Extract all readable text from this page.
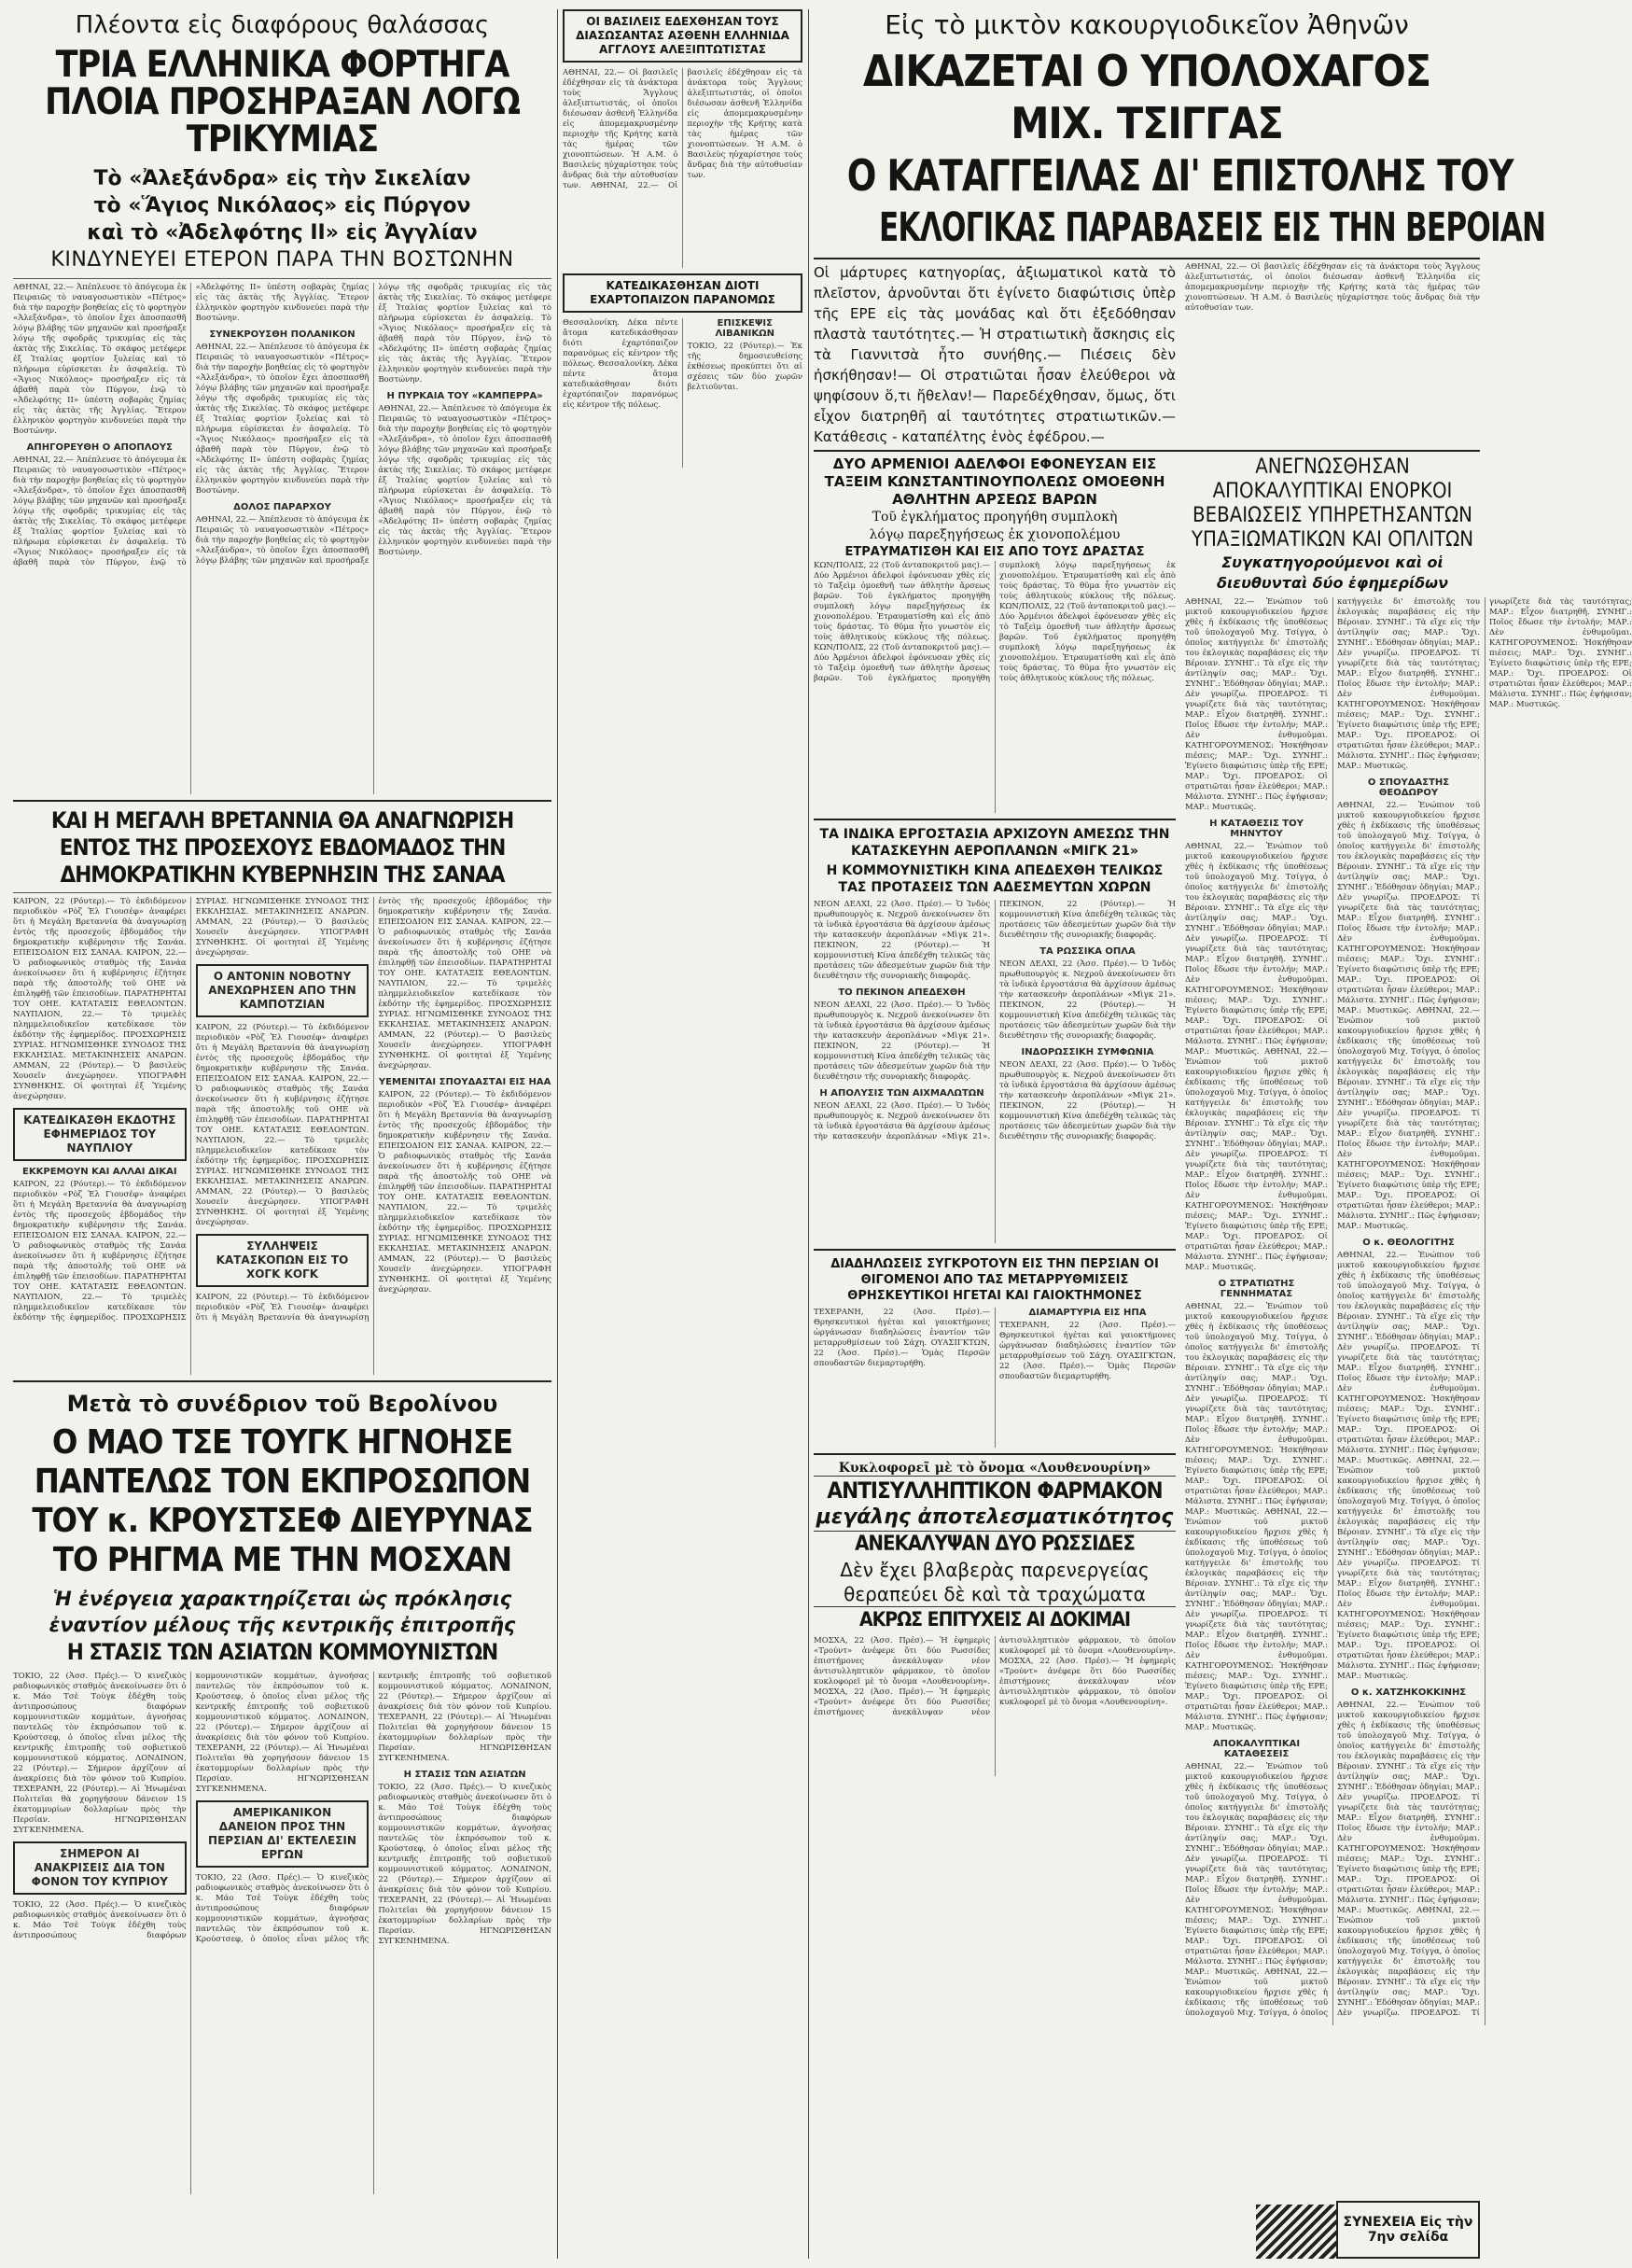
Πλέοντα εἰς διαφόρους θαλάσσας
ΤΡΙΑ ΕΛΛΗΝΙΚΑ ΦΟΡΤΗΓΑ ΠΛΟΙΑ ΠΡΟΣΗΡΑΞΑΝ ΛΟΓΩ ΤΡΙΚΥΜΙΑΣ
Τὸ «Ἀλεξάνδρα» εἰς τὴν Σικελίαν
τὸ «Ἅγιος Νικόλαος» εἰς Πύργον
καὶ τὸ «Ἀδελφότης II» εἰς Ἀγγλίαν
ΚΙΝΔΥΝΕΥΕΙ ΕΤΕΡΟΝ ΠΑΡΑ ΤΗΝ ΒΟΣΤΩΝΗΝ
ΑΘΗΝΑΙ, 22.— Ἀπέπλευσε τὸ ἀπόγευμα ἐκ Πειραιῶς τὸ ναυαγοσωστικὸν «Πέτρος» διὰ τὴν παροχὴν βοηθείας εἰς τὸ φορτηγὸν «Ἀλεξάνδρα», τὸ ὁποῖον ἔχει ἀποσπασθῆ λόγῳ βλάβης τῶν μηχανῶν καὶ προσήραξε λόγῳ τῆς σφοδρᾶς τρικυμίας εἰς τὰς ἀκτὰς τῆς Σικελίας. Τὸ σκάφος μετέφερε ἐξ Ἰταλίας φορτίον ξυλείας καὶ τὸ πλήρωμα εὑρίσκεται ἐν ἀσφαλείᾳ. Τὸ «Ἅγιος Νικόλαος» προσήραξεν εἰς τὰ ἀβαθῆ παρὰ τὸν Πύργον, ἐνῷ τὸ «Ἀδελφότης II» ὑπέστη σοβαρὰς ζημίας εἰς τὰς ἀκτὰς τῆς Ἀγγλίας. Ἕτερον ἑλληνικὸν φορτηγὸν κινδυνεύει παρὰ τὴν Βοστώνην.
ΑΠΗΓΟΡΕΥΘΗ Ο ΑΠΟΠΛΟΥΣ
ΑΘΗΝΑΙ, 22.— Ἀπέπλευσε τὸ ἀπόγευμα ἐκ Πειραιῶς τὸ ναυαγοσωστικὸν «Πέτρος» διὰ τὴν παροχὴν βοηθείας εἰς τὸ φορτηγὸν «Ἀλεξάνδρα», τὸ ὁποῖον ἔχει ἀποσπασθῆ λόγῳ βλάβης τῶν μηχανῶν καὶ προσήραξε λόγῳ τῆς σφοδρᾶς τρικυμίας εἰς τὰς ἀκτὰς τῆς Σικελίας. Τὸ σκάφος μετέφερε ἐξ Ἰταλίας φορτίον ξυλείας καὶ τὸ πλήρωμα εὑρίσκεται ἐν ἀσφαλείᾳ. Τὸ «Ἅγιος Νικόλαος» προσήραξεν εἰς τὰ ἀβαθῆ παρὰ τὸν Πύργον, ἐνῷ τὸ «Ἀδελφότης II» ὑπέστη σοβαρὰς ζημίας εἰς τὰς ἀκτὰς τῆς Ἀγγλίας. Ἕτερον ἑλληνικὸν φορτηγὸν κινδυνεύει παρὰ τὴν Βοστώνην.
ΣΥΝΕΚΡΟΥΣΘΗ ΠΟΛΑΝΙΚΟΝ
ΑΘΗΝΑΙ, 22.— Ἀπέπλευσε τὸ ἀπόγευμα ἐκ Πειραιῶς τὸ ναυαγοσωστικὸν «Πέτρος» διὰ τὴν παροχὴν βοηθείας εἰς τὸ φορτηγὸν «Ἀλεξάνδρα», τὸ ὁποῖον ἔχει ἀποσπασθῆ λόγῳ βλάβης τῶν μηχανῶν καὶ προσήραξε λόγῳ τῆς σφοδρᾶς τρικυμίας εἰς τὰς ἀκτὰς τῆς Σικελίας. Τὸ σκάφος μετέφερε ἐξ Ἰταλίας φορτίον ξυλείας καὶ τὸ πλήρωμα εὑρίσκεται ἐν ἀσφαλείᾳ. Τὸ «Ἅγιος Νικόλαος» προσήραξεν εἰς τὰ ἀβαθῆ παρὰ τὸν Πύργον, ἐνῷ τὸ «Ἀδελφότης II» ὑπέστη σοβαρὰς ζημίας εἰς τὰς ἀκτὰς τῆς Ἀγγλίας. Ἕτερον ἑλληνικὸν φορτηγὸν κινδυνεύει παρὰ τὴν Βοστώνην.
ΔΟΛΟΣ ΠΑΡΑΡΧΟΥ
ΑΘΗΝΑΙ, 22.— Ἀπέπλευσε τὸ ἀπόγευμα ἐκ Πειραιῶς τὸ ναυαγοσωστικὸν «Πέτρος» διὰ τὴν παροχὴν βοηθείας εἰς τὸ φορτηγὸν «Ἀλεξάνδρα», τὸ ὁποῖον ἔχει ἀποσπασθῆ λόγῳ βλάβης τῶν μηχανῶν καὶ προσήραξε λόγῳ τῆς σφοδρᾶς τρικυμίας εἰς τὰς ἀκτὰς τῆς Σικελίας. Τὸ σκάφος μετέφερε ἐξ Ἰταλίας φορτίον ξυλείας καὶ τὸ πλήρωμα εὑρίσκεται ἐν ἀσφαλείᾳ. Τὸ «Ἅγιος Νικόλαος» προσήραξεν εἰς τὰ ἀβαθῆ παρὰ τὸν Πύργον, ἐνῷ τὸ «Ἀδελφότης II» ὑπέστη σοβαρὰς ζημίας εἰς τὰς ἀκτὰς τῆς Ἀγγλίας. Ἕτερον ἑλληνικὸν φορτηγὸν κινδυνεύει παρὰ τὴν Βοστώνην.
Η ΠΥΡΚΑΙΑ ΤΟΥ «ΚΑΜΠΕΡΡΑ»
ΑΘΗΝΑΙ, 22.— Ἀπέπλευσε τὸ ἀπόγευμα ἐκ Πειραιῶς τὸ ναυαγοσωστικὸν «Πέτρος» διὰ τὴν παροχὴν βοηθείας εἰς τὸ φορτηγὸν «Ἀλεξάνδρα», τὸ ὁποῖον ἔχει ἀποσπασθῆ λόγῳ βλάβης τῶν μηχανῶν καὶ προσήραξε λόγῳ τῆς σφοδρᾶς τρικυμίας εἰς τὰς ἀκτὰς τῆς Σικελίας. Τὸ σκάφος μετέφερε ἐξ Ἰταλίας φορτίον ξυλείας καὶ τὸ πλήρωμα εὑρίσκεται ἐν ἀσφαλείᾳ. Τὸ «Ἅγιος Νικόλαος» προσήραξεν εἰς τὰ ἀβαθῆ παρὰ τὸν Πύργον, ἐνῷ τὸ «Ἀδελφότης II» ὑπέστη σοβαρὰς ζημίας εἰς τὰς ἀκτὰς τῆς Ἀγγλίας. Ἕτερον ἑλληνικὸν φορτηγὸν κινδυνεύει παρὰ τὴν Βοστώνην.
ΚΑΙ Η ΜΕΓΑΛΗ ΒΡΕΤΑΝΝΙΑ ΘΑ ΑΝΑΓΝΩΡΙΣΗ ΕΝΤΟΣ ΤΗΣ ΠΡΟΣΕΧΟΥΣ ΕΒΔΟΜΑΔΟΣ ΤΗΝ ΔΗΜΟΚΡΑΤΙΚΗΝ ΚΥΒΕΡΝΗΣΙΝ ΤΗΣ ΣΑΝΑΑ
ΚΑΙΡΟΝ, 22 (Ρόυτερ).— Τὸ ἐκδιδόμενον περιοδικὸν «Ρὸζ Ἐλ Γιουσέφ» ἀναφέρει ὅτι ἡ Μεγάλη Βρεταννία θὰ ἀναγνωρίσῃ ἐντὸς τῆς προσεχοῦς ἑβδομάδος τὴν δημοκρατικὴν κυβέρνησιν τῆς Σανάα. ΕΠΕΙΣΟΔΙΟΝ ΕΙΣ ΣΑΝΑΑ. ΚΑΙΡΟΝ, 22.— Ὁ ραδιοφωνικὸς σταθμὸς τῆς Σανάα ἀνεκοίνωσεν ὅτι ἡ κυβέρνησις ἐζήτησε παρὰ τῆς ἀποστολῆς τοῦ ΟΗΕ νὰ ἐπιληφθῇ τῶν ἐπεισοδίων. ΠΑΡΑΤΗΡΗΤΑΙ ΤΟΥ ΟΗΕ. ΚΑΤΑΤΑΞΙΣ ΕΘΕΛΟΝΤΩΝ. ΝΑΥΠΛΙΟΝ, 22.— Τὸ τριμελὲς πλημμελειοδικεῖον κατεδίκασε τὸν ἐκδότην τῆς ἐφημερίδος. ΠΡΟΣΧΩΡΗΣΙΣ ΣΥΡΙΑΣ. ΗΓΝΩΜΙΣΘΗΚΕ ΣΥΝΟΔΟΣ ΤΗΣ ΕΚΚΛΗΣΙΑΣ. ΜΕΤΑΚΙΝΗΣΕΙΣ ΑΝΔΡΩΝ. ΑΜΜΑΝ, 22 (Ρόυτερ).— Ὁ βασιλεὺς Χουσεῖν ἀνεχώρησεν. ΥΠΟΓΡΑΦΗ ΣΥΝΘΗΚΗΣ. Οἱ φοιτηταὶ ἐξ Ὑεμένης ἀνεχώρησαν.
ΚΑΤΕΔΙΚΑΣΘΗ ΕΚΔΟΤΗΣ ΕΦΗΜΕΡΙΔΟΣ ΤΟΥ ΝΑΥΠΛΙΟΥ
ΕΚΚΡΕΜΟΥΝ ΚΑΙ ΑΛΛΑΙ ΔΙΚΑΙ
ΚΑΙΡΟΝ, 22 (Ρόυτερ).— Τὸ ἐκδιδόμενον περιοδικὸν «Ρὸζ Ἐλ Γιουσέφ» ἀναφέρει ὅτι ἡ Μεγάλη Βρεταννία θὰ ἀναγνωρίσῃ ἐντὸς τῆς προσεχοῦς ἑβδομάδος τὴν δημοκρατικὴν κυβέρνησιν τῆς Σανάα. ΕΠΕΙΣΟΔΙΟΝ ΕΙΣ ΣΑΝΑΑ. ΚΑΙΡΟΝ, 22.— Ὁ ραδιοφωνικὸς σταθμὸς τῆς Σανάα ἀνεκοίνωσεν ὅτι ἡ κυβέρνησις ἐζήτησε παρὰ τῆς ἀποστολῆς τοῦ ΟΗΕ νὰ ἐπιληφθῇ τῶν ἐπεισοδίων. ΠΑΡΑΤΗΡΗΤΑΙ ΤΟΥ ΟΗΕ. ΚΑΤΑΤΑΞΙΣ ΕΘΕΛΟΝΤΩΝ. ΝΑΥΠΛΙΟΝ, 22.— Τὸ τριμελὲς πλημμελειοδικεῖον κατεδίκασε τὸν ἐκδότην τῆς ἐφημερίδος. ΠΡΟΣΧΩΡΗΣΙΣ ΣΥΡΙΑΣ. ΗΓΝΩΜΙΣΘΗΚΕ ΣΥΝΟΔΟΣ ΤΗΣ ΕΚΚΛΗΣΙΑΣ. ΜΕΤΑΚΙΝΗΣΕΙΣ ΑΝΔΡΩΝ. ΑΜΜΑΝ, 22 (Ρόυτερ).— Ὁ βασιλεὺς Χουσεῖν ἀνεχώρησεν. ΥΠΟΓΡΑΦΗ ΣΥΝΘΗΚΗΣ. Οἱ φοιτηταὶ ἐξ Ὑεμένης ἀνεχώρησαν.
Ο ΑΝΤΟΝΙΝ ΝΟΒΟΤΝΥ ΑΝΕΧΩΡΗΣΕΝ ΑΠΟ ΤΗΝ ΚΑΜΠΟΤΖΙΑΝ
ΚΑΙΡΟΝ, 22 (Ρόυτερ).— Τὸ ἐκδιδόμενον περιοδικὸν «Ρὸζ Ἐλ Γιουσέφ» ἀναφέρει ὅτι ἡ Μεγάλη Βρεταννία θὰ ἀναγνωρίσῃ ἐντὸς τῆς προσεχοῦς ἑβδομάδος τὴν δημοκρατικὴν κυβέρνησιν τῆς Σανάα. ΕΠΕΙΣΟΔΙΟΝ ΕΙΣ ΣΑΝΑΑ. ΚΑΙΡΟΝ, 22.— Ὁ ραδιοφωνικὸς σταθμὸς τῆς Σανάα ἀνεκοίνωσεν ὅτι ἡ κυβέρνησις ἐζήτησε παρὰ τῆς ἀποστολῆς τοῦ ΟΗΕ νὰ ἐπιληφθῇ τῶν ἐπεισοδίων. ΠΑΡΑΤΗΡΗΤΑΙ ΤΟΥ ΟΗΕ. ΚΑΤΑΤΑΞΙΣ ΕΘΕΛΟΝΤΩΝ. ΝΑΥΠΛΙΟΝ, 22.— Τὸ τριμελὲς πλημμελειοδικεῖον κατεδίκασε τὸν ἐκδότην τῆς ἐφημερίδος. ΠΡΟΣΧΩΡΗΣΙΣ ΣΥΡΙΑΣ. ΗΓΝΩΜΙΣΘΗΚΕ ΣΥΝΟΔΟΣ ΤΗΣ ΕΚΚΛΗΣΙΑΣ. ΜΕΤΑΚΙΝΗΣΕΙΣ ΑΝΔΡΩΝ. ΑΜΜΑΝ, 22 (Ρόυτερ).— Ὁ βασιλεὺς Χουσεῖν ἀνεχώρησεν. ΥΠΟΓΡΑΦΗ ΣΥΝΘΗΚΗΣ. Οἱ φοιτηταὶ ἐξ Ὑεμένης ἀνεχώρησαν.
ΣΥΛΛΗΨΕΙΣ ΚΑΤΑΣΚΟΠΩΝ ΕΙΣ ΤΟ ΧΟΓΚ ΚΟΓΚ
ΚΑΙΡΟΝ, 22 (Ρόυτερ).— Τὸ ἐκδιδόμενον περιοδικὸν «Ρὸζ Ἐλ Γιουσέφ» ἀναφέρει ὅτι ἡ Μεγάλη Βρεταννία θὰ ἀναγνωρίσῃ ἐντὸς τῆς προσεχοῦς ἑβδομάδος τὴν δημοκρατικὴν κυβέρνησιν τῆς Σανάα. ΕΠΕΙΣΟΔΙΟΝ ΕΙΣ ΣΑΝΑΑ. ΚΑΙΡΟΝ, 22.— Ὁ ραδιοφωνικὸς σταθμὸς τῆς Σανάα ἀνεκοίνωσεν ὅτι ἡ κυβέρνησις ἐζήτησε παρὰ τῆς ἀποστολῆς τοῦ ΟΗΕ νὰ ἐπιληφθῇ τῶν ἐπεισοδίων. ΠΑΡΑΤΗΡΗΤΑΙ ΤΟΥ ΟΗΕ. ΚΑΤΑΤΑΞΙΣ ΕΘΕΛΟΝΤΩΝ. ΝΑΥΠΛΙΟΝ, 22.— Τὸ τριμελὲς πλημμελειοδικεῖον κατεδίκασε τὸν ἐκδότην τῆς ἐφημερίδος. ΠΡΟΣΧΩΡΗΣΙΣ ΣΥΡΙΑΣ. ΗΓΝΩΜΙΣΘΗΚΕ ΣΥΝΟΔΟΣ ΤΗΣ ΕΚΚΛΗΣΙΑΣ. ΜΕΤΑΚΙΝΗΣΕΙΣ ΑΝΔΡΩΝ. ΑΜΜΑΝ, 22 (Ρόυτερ).— Ὁ βασιλεὺς Χουσεῖν ἀνεχώρησεν. ΥΠΟΓΡΑΦΗ ΣΥΝΘΗΚΗΣ. Οἱ φοιτηταὶ ἐξ Ὑεμένης ἀνεχώρησαν.
ΥΕΜΕΝΙΤΑΙ ΣΠΟΥΔΑΣΤΑΙ ΕΙΣ ΗΑΑ
ΚΑΙΡΟΝ, 22 (Ρόυτερ).— Τὸ ἐκδιδόμενον περιοδικὸν «Ρὸζ Ἐλ Γιουσέφ» ἀναφέρει ὅτι ἡ Μεγάλη Βρεταννία θὰ ἀναγνωρίσῃ ἐντὸς τῆς προσεχοῦς ἑβδομάδος τὴν δημοκρατικὴν κυβέρνησιν τῆς Σανάα. ΕΠΕΙΣΟΔΙΟΝ ΕΙΣ ΣΑΝΑΑ. ΚΑΙΡΟΝ, 22.— Ὁ ραδιοφωνικὸς σταθμὸς τῆς Σανάα ἀνεκοίνωσεν ὅτι ἡ κυβέρνησις ἐζήτησε παρὰ τῆς ἀποστολῆς τοῦ ΟΗΕ νὰ ἐπιληφθῇ τῶν ἐπεισοδίων. ΠΑΡΑΤΗΡΗΤΑΙ ΤΟΥ ΟΗΕ. ΚΑΤΑΤΑΞΙΣ ΕΘΕΛΟΝΤΩΝ. ΝΑΥΠΛΙΟΝ, 22.— Τὸ τριμελὲς πλημμελειοδικεῖον κατεδίκασε τὸν ἐκδότην τῆς ἐφημερίδος. ΠΡΟΣΧΩΡΗΣΙΣ ΣΥΡΙΑΣ. ΗΓΝΩΜΙΣΘΗΚΕ ΣΥΝΟΔΟΣ ΤΗΣ ΕΚΚΛΗΣΙΑΣ. ΜΕΤΑΚΙΝΗΣΕΙΣ ΑΝΔΡΩΝ. ΑΜΜΑΝ, 22 (Ρόυτερ).— Ὁ βασιλεὺς Χουσεῖν ἀνεχώρησεν. ΥΠΟΓΡΑΦΗ ΣΥΝΘΗΚΗΣ. Οἱ φοιτηταὶ ἐξ Ὑεμένης ἀνεχώρησαν.
Μετὰ τὸ συνέδριον τοῦ Βερολίνου
Ο ΜΑΟ ΤΣΕ ΤΟΥΓΚ ΗΓΝΟΗΣΕ ΠΑΝΤΕΛΩΣ ΤΟΝ ΕΚΠΡΟΣΩΠΟΝ ΤΟΥ κ. ΚΡΟΥΣΤΣΕΦ ΔΙΕΥΡΥΝΑΣ ΤΟ ΡΗΓΜΑ ΜΕ ΤΗΝ ΜΟΣΧΑΝ
Ἡ ἐνέργεια χαρακτηρίζεται ὡς πρόκλησις
ἐναντίον μέλους τῆς κεντρικῆς ἐπιτροπῆς
Η ΣΤΑΣΙΣ ΤΩΝ ΑΣΙΑΤΩΝ ΚΟΜΜΟΥΝΙΣΤΩΝ
ΤΟΚΙΟ, 22 (Ἀσσ. Πρές).— Ὁ κινεζικὸς ραδιοφωνικὸς σταθμὸς ἀνεκοίνωσεν ὅτι ὁ κ. Μάο Τσὲ Τοὺγκ ἐδέχθη τοὺς ἀντιπροσώπους διαφόρων κομμουνιστικῶν κομμάτων, ἀγνοήσας παντελῶς τὸν ἐκπρόσωπον τοῦ κ. Κρούστσεφ, ὁ ὁποῖος εἶναι μέλος τῆς κεντρικῆς ἐπιτροπῆς τοῦ σοβιετικοῦ κομμουνιστικοῦ κόμματος. ΛΟΝΔΙΝΟΝ, 22 (Ρόυτερ).— Σήμερον ἀρχίζουν αἱ ἀνακρίσεις διὰ τὸν φόνον τοῦ Κυπρίου. ΤΕΧΕΡΑΝΗ, 22 (Ρόυτερ).— Αἱ Ἡνωμέναι Πολιτεῖαι θὰ χορηγήσουν δάνειον 15 ἑκατομμυρίων δολλαρίων πρὸς τὴν Περσίαν. ΗΓΝΩΡΙΣΘΗΣΑΝ ΣΥΓΚΕΝΗΜΕΝΑ.
ΣΗΜΕΡΟΝ ΑΙ ΑΝΑΚΡΙΣΕΙΣ ΔΙΑ ΤΟΝ ΦΟΝΟΝ ΤΟΥ ΚΥΠΡΙΟΥ
ΤΟΚΙΟ, 22 (Ἀσσ. Πρές).— Ὁ κινεζικὸς ραδιοφωνικὸς σταθμὸς ἀνεκοίνωσεν ὅτι ὁ κ. Μάο Τσὲ Τοὺγκ ἐδέχθη τοὺς ἀντιπροσώπους διαφόρων κομμουνιστικῶν κομμάτων, ἀγνοήσας παντελῶς τὸν ἐκπρόσωπον τοῦ κ. Κρούστσεφ, ὁ ὁποῖος εἶναι μέλος τῆς κεντρικῆς ἐπιτροπῆς τοῦ σοβιετικοῦ κομμουνιστικοῦ κόμματος. ΛΟΝΔΙΝΟΝ, 22 (Ρόυτερ).— Σήμερον ἀρχίζουν αἱ ἀνακρίσεις διὰ τὸν φόνον τοῦ Κυπρίου. ΤΕΧΕΡΑΝΗ, 22 (Ρόυτερ).— Αἱ Ἡνωμέναι Πολιτεῖαι θὰ χορηγήσουν δάνειον 15 ἑκατομμυρίων δολλαρίων πρὸς τὴν Περσίαν. ΗΓΝΩΡΙΣΘΗΣΑΝ ΣΥΓΚΕΝΗΜΕΝΑ.
ΑΜΕΡΙΚΑΝΙΚΟΝ ΔΑΝΕΙΟΝ ΠΡΟΣ ΤΗΝ ΠΕΡΣΙΑΝ ΔΙ' ΕΚΤΕΛΕΣΙΝ ΕΡΓΩΝ
ΤΟΚΙΟ, 22 (Ἀσσ. Πρές).— Ὁ κινεζικὸς ραδιοφωνικὸς σταθμὸς ἀνεκοίνωσεν ὅτι ὁ κ. Μάο Τσὲ Τοὺγκ ἐδέχθη τοὺς ἀντιπροσώπους διαφόρων κομμουνιστικῶν κομμάτων, ἀγνοήσας παντελῶς τὸν ἐκπρόσωπον τοῦ κ. Κρούστσεφ, ὁ ὁποῖος εἶναι μέλος τῆς κεντρικῆς ἐπιτροπῆς τοῦ σοβιετικοῦ κομμουνιστικοῦ κόμματος. ΛΟΝΔΙΝΟΝ, 22 (Ρόυτερ).— Σήμερον ἀρχίζουν αἱ ἀνακρίσεις διὰ τὸν φόνον τοῦ Κυπρίου. ΤΕΧΕΡΑΝΗ, 22 (Ρόυτερ).— Αἱ Ἡνωμέναι Πολιτεῖαι θὰ χορηγήσουν δάνειον 15 ἑκατομμυρίων δολλαρίων πρὸς τὴν Περσίαν. ΗΓΝΩΡΙΣΘΗΣΑΝ ΣΥΓΚΕΝΗΜΕΝΑ.
Η ΣΤΑΣΙΣ ΤΩΝ ΑΣΙΑΤΩΝ
ΤΟΚΙΟ, 22 (Ἀσσ. Πρές).— Ὁ κινεζικὸς ραδιοφωνικὸς σταθμὸς ἀνεκοίνωσεν ὅτι ὁ κ. Μάο Τσὲ Τοὺγκ ἐδέχθη τοὺς ἀντιπροσώπους διαφόρων κομμουνιστικῶν κομμάτων, ἀγνοήσας παντελῶς τὸν ἐκπρόσωπον τοῦ κ. Κρούστσεφ, ὁ ὁποῖος εἶναι μέλος τῆς κεντρικῆς ἐπιτροπῆς τοῦ σοβιετικοῦ κομμουνιστικοῦ κόμματος. ΛΟΝΔΙΝΟΝ, 22 (Ρόυτερ).— Σήμερον ἀρχίζουν αἱ ἀνακρίσεις διὰ τὸν φόνον τοῦ Κυπρίου. ΤΕΧΕΡΑΝΗ, 22 (Ρόυτερ).— Αἱ Ἡνωμέναι Πολιτεῖαι θὰ χορηγήσουν δάνειον 15 ἑκατομμυρίων δολλαρίων πρὸς τὴν Περσίαν. ΗΓΝΩΡΙΣΘΗΣΑΝ ΣΥΓΚΕΝΗΜΕΝΑ.
ΟΙ ΒΑΣΙΛΕΙΣ ΕΔΕΧΘΗΣΑΝ ΤΟΥΣ ΔΙΑΣΩΣΑΝΤΑΣ ΑΣΘΕΝΗ ΕΛΛΗΝΙΔΑ ΑΓΓΛΟΥΣ ΑΛΕΞΙΠΤΩΤΙΣΤΑΣ
ΑΘΗΝΑΙ, 22.— Οἱ βασιλεῖς ἐδέχθησαν εἰς τὰ ἀνάκτορα τοὺς Ἄγγλους ἀλεξιπτωτιστάς, οἱ ὁποῖοι διέσωσαν ἀσθενῆ Ἑλληνίδα εἰς ἀπομεμακρυσμένην περιοχὴν τῆς Κρήτης κατὰ τὰς ἡμέρας τῶν χιονοπτώσεων. Ἡ Α.Μ. ὁ Βασιλεὺς ηὐχαρίστησε τοὺς ἄνδρας διὰ τὴν αὐτοθυσίαν των. ΑΘΗΝΑΙ, 22.— Οἱ βασιλεῖς ἐδέχθησαν εἰς τὰ ἀνάκτορα τοὺς Ἄγγλους ἀλεξιπτωτιστάς, οἱ ὁποῖοι διέσωσαν ἀσθενῆ Ἑλληνίδα εἰς ἀπομεμακρυσμένην περιοχὴν τῆς Κρήτης κατὰ τὰς ἡμέρας τῶν χιονοπτώσεων. Ἡ Α.Μ. ὁ Βασιλεὺς ηὐχαρίστησε τοὺς ἄνδρας διὰ τὴν αὐτοθυσίαν των.
ΚΑΤΕΔΙΚΑΣΘΗΣΑΝ ΔΙΟΤΙ ΕΧΑΡΤΟΠΑΙΖΟΝ ΠΑΡΑΝΟΜΩΣ
Θεσσαλονίκη. Δέκα πέντε ἄτομα κατεδικάσθησαν διότι ἐχαρτόπαιζον παρανόμως εἰς κέντρον τῆς πόλεως. Θεσσαλονίκη. Δέκα πέντε ἄτομα κατεδικάσθησαν διότι ἐχαρτόπαιζον παρανόμως εἰς κέντρον τῆς πόλεως.
ΕΠΙΣΚΕΨΙΣ ΛΙΒΑΝΙΚΩΝ
ΤΟΚΙΟ, 22 (Ρόυτερ).— Ἐκ τῆς δημοσιευθείσης ἐκθέσεως προκύπτει ὅτι αἱ σχέσεις τῶν δύο χωρῶν βελτιοῦνται.
Εἰς τὸ μικτὸν κακουργιοδικεῖον Ἀθηνῶν
ΔΙΚΑΖΕΤΑΙ Ο ΥΠΟΛΟΧΑΓΟΣ ΜΙΧ. ΤΣΙΓΓΑΣ
Ο ΚΑΤΑΓΓΕΙΛΑΣ ΔΙ' ΕΠΙΣΤΟΛΗΣ ΤΟΥ
ΕΚΛΟΓΙΚΑΣ ΠΑΡΑΒΑΣΕΙΣ ΕΙΣ ΤΗΝ ΒΕΡΟΙΑΝ
Οἱ μάρτυρες κατηγορίας, ἀξιωματικοὶ κατὰ τὸ πλεῖστον, ἀρνοῦνται ὅτι ἐγίνετο διαφώτισις ὑπὲρ τῆς ΕΡΕ εἰς τὰς μονάδας καὶ ὅτι ἐξεδόθησαν πλαστὰ ταυτότητες.— Ἡ στρατιωτικὴ ἄσκησις εἰς τὰ Γιαννιτσὰ ἦτο συνήθης.— Πιέσεις δὲν ἠσκήθησαν!— Οἱ στρατιῶται ἦσαν ἐλεύθεροι νὰ ψηφίσουν ὅ,τι ἤθελαν!— Παρεδέχθησαν, ὅμως, ὅτι εἶχον διατρηθῆ αἱ ταυτότητες στρατιωτικῶν.— Κατάθεσις - καταπέλτης ἑνὸς ἐφέδρου.—
ΑΘΗΝΑΙ, 22.— Οἱ βασιλεῖς ἐδέχθησαν εἰς τὰ ἀνάκτορα τοὺς Ἄγγλους ἀλεξιπτωτιστάς, οἱ ὁποῖοι διέσωσαν ἀσθενῆ Ἑλληνίδα εἰς ἀπομεμακρυσμένην περιοχὴν τῆς Κρήτης κατὰ τὰς ἡμέρας τῶν χιονοπτώσεων. Ἡ Α.Μ. ὁ Βασιλεὺς ηὐχαρίστησε τοὺς ἄνδρας διὰ τὴν αὐτοθυσίαν των.
ΔΥΟ ΑΡΜΕΝΙΟΙ ΑΔΕΛΦΟΙ ΕΦΟΝΕΥΣΑΝ ΕΙΣ ΤΑΞΕΙΜ ΚΩΝΣΤΑΝΤΙΝΟΥΠΟΛΕΩΣ ΟΜΟΕΘΝΗ ΑΘΛΗΤΗΝ ΑΡΣΕΩΣ ΒΑΡΩΝ
Τοῦ ἐγκλήματος προηγήθη συμπλοκὴ
λόγῳ παρεξηγήσεως ἐκ χιονοπολέμου
ΕΤΡΑΥΜΑΤΙΣΘΗ ΚΑΙ ΕΙΣ ΑΠΟ ΤΟΥΣ ΔΡΑΣΤΑΣ
ΚΩΝ/ΠΟΛΙΣ, 22 (Τοῦ ἀνταποκριτοῦ μας).— Δύο Ἀρμένιοι ἀδελφοὶ ἐφόνευσαν χθὲς εἰς τὸ Ταξεὶμ ὁμοεθνῆ των ἀθλητὴν ἄρσεως βαρῶν. Τοῦ ἐγκλήματος προηγήθη συμπλοκὴ λόγῳ παρεξηγήσεως ἐκ χιονοπολέμου. Ἐτραυματίσθη καὶ εἷς ἀπὸ τοὺς δράστας. Τὸ θῦμα ἦτο γνωστὸν εἰς τοὺς ἀθλητικοὺς κύκλους τῆς πόλεως. ΚΩΝ/ΠΟΛΙΣ, 22 (Τοῦ ἀνταποκριτοῦ μας).— Δύο Ἀρμένιοι ἀδελφοὶ ἐφόνευσαν χθὲς εἰς τὸ Ταξεὶμ ὁμοεθνῆ των ἀθλητὴν ἄρσεως βαρῶν. Τοῦ ἐγκλήματος προηγήθη συμπλοκὴ λόγῳ παρεξηγήσεως ἐκ χιονοπολέμου. Ἐτραυματίσθη καὶ εἷς ἀπὸ τοὺς δράστας. Τὸ θῦμα ἦτο γνωστὸν εἰς τοὺς ἀθλητικοὺς κύκλους τῆς πόλεως. ΚΩΝ/ΠΟΛΙΣ, 22 (Τοῦ ἀνταποκριτοῦ μας).— Δύο Ἀρμένιοι ἀδελφοὶ ἐφόνευσαν χθὲς εἰς τὸ Ταξεὶμ ὁμοεθνῆ των ἀθλητὴν ἄρσεως βαρῶν. Τοῦ ἐγκλήματος προηγήθη συμπλοκὴ λόγῳ παρεξηγήσεως ἐκ χιονοπολέμου. Ἐτραυματίσθη καὶ εἷς ἀπὸ τοὺς δράστας. Τὸ θῦμα ἦτο γνωστὸν εἰς τοὺς ἀθλητικοὺς κύκλους τῆς πόλεως.
ΤΑ ΙΝΔΙΚΑ ΕΡΓΟΣΤΑΣΙΑ ΑΡΧΙΖΟΥΝ ΑΜΕΣΩΣ ΤΗΝ ΚΑΤΑΣΚΕΥΗΝ ΑΕΡΟΠΛΑΝΩΝ «ΜΙΓΚ 21»
Η ΚΟΜΜΟΥΝΙΣΤΙΚΗ ΚΙΝΑ ΑΠΕΔΕΧΘΗ ΤΕΛΙΚΩΣ ΤΑΣ ΠΡΟΤΑΣΕΙΣ ΤΩΝ ΑΔΕΣΜΕΥΤΩΝ ΧΩΡΩΝ
ΝΕΟΝ ΔΕΛΧΙ, 22 (Ἀσσ. Πρέσ).— Ὁ Ἰνδὸς πρωθυπουργὸς κ. Νεχροῦ ἀνεκοίνωσεν ὅτι τὰ ἰνδικὰ ἐργοστάσια θὰ ἀρχίσουν ἀμέσως τὴν κατασκευὴν ἀεροπλάνων «Μὶγκ 21». ΠΕΚΙΝΟΝ, 22 (Ρόυτερ).— Ἡ κομμουνιστικὴ Κίνα ἀπεδέχθη τελικῶς τὰς προτάσεις τῶν ἀδεσμεύτων χωρῶν διὰ τὴν διευθέτησιν τῆς συνοριακῆς διαφορᾶς.
ΤΟ ΠΕΚΙΝΟΝ ΑΠΕΔΕΧΘΗ
ΝΕΟΝ ΔΕΛΧΙ, 22 (Ἀσσ. Πρέσ).— Ὁ Ἰνδὸς πρωθυπουργὸς κ. Νεχροῦ ἀνεκοίνωσεν ὅτι τὰ ἰνδικὰ ἐργοστάσια θὰ ἀρχίσουν ἀμέσως τὴν κατασκευὴν ἀεροπλάνων «Μὶγκ 21». ΠΕΚΙΝΟΝ, 22 (Ρόυτερ).— Ἡ κομμουνιστικὴ Κίνα ἀπεδέχθη τελικῶς τὰς προτάσεις τῶν ἀδεσμεύτων χωρῶν διὰ τὴν διευθέτησιν τῆς συνοριακῆς διαφορᾶς.
Η ΑΠΟΛΥΣΙΣ ΤΩΝ ΑΙΧΜΑΛΩΤΩΝ
ΝΕΟΝ ΔΕΛΧΙ, 22 (Ἀσσ. Πρέσ).— Ὁ Ἰνδὸς πρωθυπουργὸς κ. Νεχροῦ ἀνεκοίνωσεν ὅτι τὰ ἰνδικὰ ἐργοστάσια θὰ ἀρχίσουν ἀμέσως τὴν κατασκευὴν ἀεροπλάνων «Μὶγκ 21». ΠΕΚΙΝΟΝ, 22 (Ρόυτερ).— Ἡ κομμουνιστικὴ Κίνα ἀπεδέχθη τελικῶς τὰς προτάσεις τῶν ἀδεσμεύτων χωρῶν διὰ τὴν διευθέτησιν τῆς συνοριακῆς διαφορᾶς.
ΤΑ ΡΩΣΣΙΚΑ ΟΠΛΑ
ΝΕΟΝ ΔΕΛΧΙ, 22 (Ἀσσ. Πρέσ).— Ὁ Ἰνδὸς πρωθυπουργὸς κ. Νεχροῦ ἀνεκοίνωσεν ὅτι τὰ ἰνδικὰ ἐργοστάσια θὰ ἀρχίσουν ἀμέσως τὴν κατασκευὴν ἀεροπλάνων «Μὶγκ 21». ΠΕΚΙΝΟΝ, 22 (Ρόυτερ).— Ἡ κομμουνιστικὴ Κίνα ἀπεδέχθη τελικῶς τὰς προτάσεις τῶν ἀδεσμεύτων χωρῶν διὰ τὴν διευθέτησιν τῆς συνοριακῆς διαφορᾶς.
ΙΝΔΟΡΩΣΣΙΚΗ ΣΥΜΦΩΝΙΑ
ΝΕΟΝ ΔΕΛΧΙ, 22 (Ἀσσ. Πρέσ).— Ὁ Ἰνδὸς πρωθυπουργὸς κ. Νεχροῦ ἀνεκοίνωσεν ὅτι τὰ ἰνδικὰ ἐργοστάσια θὰ ἀρχίσουν ἀμέσως τὴν κατασκευὴν ἀεροπλάνων «Μὶγκ 21». ΠΕΚΙΝΟΝ, 22 (Ρόυτερ).— Ἡ κομμουνιστικὴ Κίνα ἀπεδέχθη τελικῶς τὰς προτάσεις τῶν ἀδεσμεύτων χωρῶν διὰ τὴν διευθέτησιν τῆς συνοριακῆς διαφορᾶς.
ΔΙΑΔΗΛΩΣΕΙΣ ΣΥΓΚΡΟΤΟΥΝ ΕΙΣ ΤΗΝ ΠΕΡΣΙΑΝ ΟΙ ΘΙΓΟΜΕΝΟΙ ΑΠΟ ΤΑΣ ΜΕΤΑΡΡΥΘΜΙΣΕΙΣ ΘΡΗΣΚΕΥΤΙΚΟΙ ΗΓΕΤΑΙ ΚΑΙ ΓΑΙΟΚΤΗΜΟΝΕΣ
ΤΕΧΕΡΑΝΗ, 22 (Ἀσσ. Πρέσ).— Θρησκευτικοὶ ἡγέται καὶ γαιοκτήμονες ὠργάνωσαν διαδηλώσεις ἐναντίον τῶν μεταρρυθμίσεων τοῦ Σάχη. ΟΥΑΣΙΓΚΤΩΝ, 22 (Ἀσσ. Πρέσ).— Ὁμὰς Περσῶν σπουδαστῶν διεμαρτυρήθη.
ΔΙΑΜΑΡΤΥΡΙΑ ΕΙΣ ΗΠΑ
ΤΕΧΕΡΑΝΗ, 22 (Ἀσσ. Πρέσ).— Θρησκευτικοὶ ἡγέται καὶ γαιοκτήμονες ὠργάνωσαν διαδηλώσεις ἐναντίον τῶν μεταρρυθμίσεων τοῦ Σάχη. ΟΥΑΣΙΓΚΤΩΝ, 22 (Ἀσσ. Πρέσ).— Ὁμὰς Περσῶν σπουδαστῶν διεμαρτυρήθη.
Κυκλοφορεῖ μὲ τὸ ὄνομα «Λουθενουρίνη»
ΑΝΤΙΣΥΛΛΗΠΤΙΚΟΝ ΦΑΡΜΑΚΟΝ
μεγάλης ἀποτελεσματικότητος
ΑΝΕΚΑΛΥΨΑΝ ΔΥΟ ΡΩΣΣΙΔΕΣ
Δὲν ἔχει βλαβερὰς παρενεργείας
θεραπεύει δὲ καὶ τὰ τραχώματα
ΑΚΡΩΣ ΕΠΙΤΥΧΕΙΣ ΑΙ ΔΟΚΙΜΑΙ
ΜΟΣΧΑ, 22 (Ἀσσ. Πρέσ).— Ἡ ἐφημερὶς «Τρούντ» ἀνέφερε ὅτι δύο Ρωσσίδες ἐπιστήμονες ἀνεκάλυψαν νέον ἀντισυλληπτικὸν φάρμακον, τὸ ὁποῖον κυκλοφορεῖ μὲ τὸ ὄνομα «Λουθενουρίνη». ΜΟΣΧΑ, 22 (Ἀσσ. Πρέσ).— Ἡ ἐφημερὶς «Τρούντ» ἀνέφερε ὅτι δύο Ρωσσίδες ἐπιστήμονες ἀνεκάλυψαν νέον ἀντισυλληπτικὸν φάρμακον, τὸ ὁποῖον κυκλοφορεῖ μὲ τὸ ὄνομα «Λουθενουρίνη». ΜΟΣΧΑ, 22 (Ἀσσ. Πρέσ).— Ἡ ἐφημερὶς «Τρούντ» ἀνέφερε ὅτι δύο Ρωσσίδες ἐπιστήμονες ἀνεκάλυψαν νέον ἀντισυλληπτικὸν φάρμακον, τὸ ὁποῖον κυκλοφορεῖ μὲ τὸ ὄνομα «Λουθενουρίνη».
ΑΝΕΓΝΩΣΘΗΣΑΝ ΑΠΟΚΑΛΥΠΤΙΚΑΙ ΕΝΟΡΚΟΙ ΒΕΒΑΙΩΣΕΙΣ ΥΠΗΡΕΤΗΣΑΝΤΩΝ ΥΠΑΞΙΩΜΑΤΙΚΩΝ ΚΑΙ ΟΠΛΙΤΩΝ
Συγκατηγορούμενοι καὶ οἱ διευθυνταὶ δύο ἐφημερίδων
ΑΘΗΝΑΙ, 22.— Ἐνώπιον τοῦ μικτοῦ κακουργιοδικείου ἤρχισε χθὲς ἡ ἐκδίκασις τῆς ὑποθέσεως τοῦ ὑπολοχαγοῦ Μιχ. Τσίγγα, ὁ ὁποῖος κατήγγειλε δι' ἐπιστολῆς του ἐκλογικὰς παραβάσεις εἰς τὴν Βέροιαν. ΣΥΝΗΓ.: Τὰ εἴχε εἰς τὴν ἀντίληψίν σας; ΜΑΡ.: Ὄχι. ΣΥΝΗΓ.: Ἐδόθησαν ὁδηγίαι; ΜΑΡ.: Δὲν γνωρίζω. ΠΡΟΕΔΡΟΣ: Τί γνωρίζετε διὰ τὰς ταυτότητας; ΜΑΡ.: Εἶχον διατρηθῆ. ΣΥΝΗΓ.: Ποῖος ἔδωσε τὴν ἐντολήν; ΜΑΡ.: Δὲν ἐνθυμοῦμαι. ΚΑΤΗΓΟΡΟΥΜΕΝΟΣ: Ἠσκήθησαν πιέσεις; ΜΑΡ.: Ὄχι. ΣΥΝΗΓ.: Ἐγίνετο διαφώτισις ὑπὲρ τῆς ΕΡΕ; ΜΑΡ.: Ὄχι. ΠΡΟΕΔΡΟΣ: Οἱ στρατιῶται ἦσαν ἐλεύθεροι; ΜΑΡ.: Μάλιστα. ΣΥΝΗΓ.: Πῶς ἐψήφισαν; ΜΑΡ.: Μυστικῶς.
Η ΚΑΤΑΘΕΣΙΣ ΤΟΥ ΜΗΝΥΤΟΥ
ΑΘΗΝΑΙ, 22.— Ἐνώπιον τοῦ μικτοῦ κακουργιοδικείου ἤρχισε χθὲς ἡ ἐκδίκασις τῆς ὑποθέσεως τοῦ ὑπολοχαγοῦ Μιχ. Τσίγγα, ὁ ὁποῖος κατήγγειλε δι' ἐπιστολῆς του ἐκλογικὰς παραβάσεις εἰς τὴν Βέροιαν. ΣΥΝΗΓ.: Τὰ εἴχε εἰς τὴν ἀντίληψίν σας; ΜΑΡ.: Ὄχι. ΣΥΝΗΓ.: Ἐδόθησαν ὁδηγίαι; ΜΑΡ.: Δὲν γνωρίζω. ΠΡΟΕΔΡΟΣ: Τί γνωρίζετε διὰ τὰς ταυτότητας; ΜΑΡ.: Εἶχον διατρηθῆ. ΣΥΝΗΓ.: Ποῖος ἔδωσε τὴν ἐντολήν; ΜΑΡ.: Δὲν ἐνθυμοῦμαι. ΚΑΤΗΓΟΡΟΥΜΕΝΟΣ: Ἠσκήθησαν πιέσεις; ΜΑΡ.: Ὄχι. ΣΥΝΗΓ.: Ἐγίνετο διαφώτισις ὑπὲρ τῆς ΕΡΕ; ΜΑΡ.: Ὄχι. ΠΡΟΕΔΡΟΣ: Οἱ στρατιῶται ἦσαν ἐλεύθεροι; ΜΑΡ.: Μάλιστα. ΣΥΝΗΓ.: Πῶς ἐψήφισαν; ΜΑΡ.: Μυστικῶς. ΑΘΗΝΑΙ, 22.— Ἐνώπιον τοῦ μικτοῦ κακουργιοδικείου ἤρχισε χθὲς ἡ ἐκδίκασις τῆς ὑποθέσεως τοῦ ὑπολοχαγοῦ Μιχ. Τσίγγα, ὁ ὁποῖος κατήγγειλε δι' ἐπιστολῆς του ἐκλογικὰς παραβάσεις εἰς τὴν Βέροιαν. ΣΥΝΗΓ.: Τὰ εἴχε εἰς τὴν ἀντίληψίν σας; ΜΑΡ.: Ὄχι. ΣΥΝΗΓ.: Ἐδόθησαν ὁδηγίαι; ΜΑΡ.: Δὲν γνωρίζω. ΠΡΟΕΔΡΟΣ: Τί γνωρίζετε διὰ τὰς ταυτότητας; ΜΑΡ.: Εἶχον διατρηθῆ. ΣΥΝΗΓ.: Ποῖος ἔδωσε τὴν ἐντολήν; ΜΑΡ.: Δὲν ἐνθυμοῦμαι. ΚΑΤΗΓΟΡΟΥΜΕΝΟΣ: Ἠσκήθησαν πιέσεις; ΜΑΡ.: Ὄχι. ΣΥΝΗΓ.: Ἐγίνετο διαφώτισις ὑπὲρ τῆς ΕΡΕ; ΜΑΡ.: Ὄχι. ΠΡΟΕΔΡΟΣ: Οἱ στρατιῶται ἦσαν ἐλεύθεροι; ΜΑΡ.: Μάλιστα. ΣΥΝΗΓ.: Πῶς ἐψήφισαν; ΜΑΡ.: Μυστικῶς.
Ο ΣΤΡΑΤΙΩΤΗΣ ΓΕΝΝΗΜΑΤΑΣ
ΑΘΗΝΑΙ, 22.— Ἐνώπιον τοῦ μικτοῦ κακουργιοδικείου ἤρχισε χθὲς ἡ ἐκδίκασις τῆς ὑποθέσεως τοῦ ὑπολοχαγοῦ Μιχ. Τσίγγα, ὁ ὁποῖος κατήγγειλε δι' ἐπιστολῆς του ἐκλογικὰς παραβάσεις εἰς τὴν Βέροιαν. ΣΥΝΗΓ.: Τὰ εἴχε εἰς τὴν ἀντίληψίν σας; ΜΑΡ.: Ὄχι. ΣΥΝΗΓ.: Ἐδόθησαν ὁδηγίαι; ΜΑΡ.: Δὲν γνωρίζω. ΠΡΟΕΔΡΟΣ: Τί γνωρίζετε διὰ τὰς ταυτότητας; ΜΑΡ.: Εἶχον διατρηθῆ. ΣΥΝΗΓ.: Ποῖος ἔδωσε τὴν ἐντολήν; ΜΑΡ.: Δὲν ἐνθυμοῦμαι. ΚΑΤΗΓΟΡΟΥΜΕΝΟΣ: Ἠσκήθησαν πιέσεις; ΜΑΡ.: Ὄχι. ΣΥΝΗΓ.: Ἐγίνετο διαφώτισις ὑπὲρ τῆς ΕΡΕ; ΜΑΡ.: Ὄχι. ΠΡΟΕΔΡΟΣ: Οἱ στρατιῶται ἦσαν ἐλεύθεροι; ΜΑΡ.: Μάλιστα. ΣΥΝΗΓ.: Πῶς ἐψήφισαν; ΜΑΡ.: Μυστικῶς. ΑΘΗΝΑΙ, 22.— Ἐνώπιον τοῦ μικτοῦ κακουργιοδικείου ἤρχισε χθὲς ἡ ἐκδίκασις τῆς ὑποθέσεως τοῦ ὑπολοχαγοῦ Μιχ. Τσίγγα, ὁ ὁποῖος κατήγγειλε δι' ἐπιστολῆς του ἐκλογικὰς παραβάσεις εἰς τὴν Βέροιαν. ΣΥΝΗΓ.: Τὰ εἴχε εἰς τὴν ἀντίληψίν σας; ΜΑΡ.: Ὄχι. ΣΥΝΗΓ.: Ἐδόθησαν ὁδηγίαι; ΜΑΡ.: Δὲν γνωρίζω. ΠΡΟΕΔΡΟΣ: Τί γνωρίζετε διὰ τὰς ταυτότητας; ΜΑΡ.: Εἶχον διατρηθῆ. ΣΥΝΗΓ.: Ποῖος ἔδωσε τὴν ἐντολήν; ΜΑΡ.: Δὲν ἐνθυμοῦμαι. ΚΑΤΗΓΟΡΟΥΜΕΝΟΣ: Ἠσκήθησαν πιέσεις; ΜΑΡ.: Ὄχι. ΣΥΝΗΓ.: Ἐγίνετο διαφώτισις ὑπὲρ τῆς ΕΡΕ; ΜΑΡ.: Ὄχι. ΠΡΟΕΔΡΟΣ: Οἱ στρατιῶται ἦσαν ἐλεύθεροι; ΜΑΡ.: Μάλιστα. ΣΥΝΗΓ.: Πῶς ἐψήφισαν; ΜΑΡ.: Μυστικῶς.
ΑΠΟΚΑΛΥΠΤΙΚΑΙ ΚΑΤΑΘΕΣΕΙΣ
ΑΘΗΝΑΙ, 22.— Ἐνώπιον τοῦ μικτοῦ κακουργιοδικείου ἤρχισε χθὲς ἡ ἐκδίκασις τῆς ὑποθέσεως τοῦ ὑπολοχαγοῦ Μιχ. Τσίγγα, ὁ ὁποῖος κατήγγειλε δι' ἐπιστολῆς του ἐκλογικὰς παραβάσεις εἰς τὴν Βέροιαν. ΣΥΝΗΓ.: Τὰ εἴχε εἰς τὴν ἀντίληψίν σας; ΜΑΡ.: Ὄχι. ΣΥΝΗΓ.: Ἐδόθησαν ὁδηγίαι; ΜΑΡ.: Δὲν γνωρίζω. ΠΡΟΕΔΡΟΣ: Τί γνωρίζετε διὰ τὰς ταυτότητας; ΜΑΡ.: Εἶχον διατρηθῆ. ΣΥΝΗΓ.: Ποῖος ἔδωσε τὴν ἐντολήν; ΜΑΡ.: Δὲν ἐνθυμοῦμαι. ΚΑΤΗΓΟΡΟΥΜΕΝΟΣ: Ἠσκήθησαν πιέσεις; ΜΑΡ.: Ὄχι. ΣΥΝΗΓ.: Ἐγίνετο διαφώτισις ὑπὲρ τῆς ΕΡΕ; ΜΑΡ.: Ὄχι. ΠΡΟΕΔΡΟΣ: Οἱ στρατιῶται ἦσαν ἐλεύθεροι; ΜΑΡ.: Μάλιστα. ΣΥΝΗΓ.: Πῶς ἐψήφισαν; ΜΑΡ.: Μυστικῶς. ΑΘΗΝΑΙ, 22.— Ἐνώπιον τοῦ μικτοῦ κακουργιοδικείου ἤρχισε χθὲς ἡ ἐκδίκασις τῆς ὑποθέσεως τοῦ ὑπολοχαγοῦ Μιχ. Τσίγγα, ὁ ὁποῖος κατήγγειλε δι' ἐπιστολῆς του ἐκλογικὰς παραβάσεις εἰς τὴν Βέροιαν. ΣΥΝΗΓ.: Τὰ εἴχε εἰς τὴν ἀντίληψίν σας; ΜΑΡ.: Ὄχι. ΣΥΝΗΓ.: Ἐδόθησαν ὁδηγίαι; ΜΑΡ.: Δὲν γνωρίζω. ΠΡΟΕΔΡΟΣ: Τί γνωρίζετε διὰ τὰς ταυτότητας; ΜΑΡ.: Εἶχον διατρηθῆ. ΣΥΝΗΓ.: Ποῖος ἔδωσε τὴν ἐντολήν; ΜΑΡ.: Δὲν ἐνθυμοῦμαι. ΚΑΤΗΓΟΡΟΥΜΕΝΟΣ: Ἠσκήθησαν πιέσεις; ΜΑΡ.: Ὄχι. ΣΥΝΗΓ.: Ἐγίνετο διαφώτισις ὑπὲρ τῆς ΕΡΕ; ΜΑΡ.: Ὄχι. ΠΡΟΕΔΡΟΣ: Οἱ στρατιῶται ἦσαν ἐλεύθεροι; ΜΑΡ.: Μάλιστα. ΣΥΝΗΓ.: Πῶς ἐψήφισαν; ΜΑΡ.: Μυστικῶς.
Ο ΣΠΟΥΔΑΣΤΗΣ ΘΕΟΔΩΡΟΥ
ΑΘΗΝΑΙ, 22.— Ἐνώπιον τοῦ μικτοῦ κακουργιοδικείου ἤρχισε χθὲς ἡ ἐκδίκασις τῆς ὑποθέσεως τοῦ ὑπολοχαγοῦ Μιχ. Τσίγγα, ὁ ὁποῖος κατήγγειλε δι' ἐπιστολῆς του ἐκλογικὰς παραβάσεις εἰς τὴν Βέροιαν. ΣΥΝΗΓ.: Τὰ εἴχε εἰς τὴν ἀντίληψίν σας; ΜΑΡ.: Ὄχι. ΣΥΝΗΓ.: Ἐδόθησαν ὁδηγίαι; ΜΑΡ.: Δὲν γνωρίζω. ΠΡΟΕΔΡΟΣ: Τί γνωρίζετε διὰ τὰς ταυτότητας; ΜΑΡ.: Εἶχον διατρηθῆ. ΣΥΝΗΓ.: Ποῖος ἔδωσε τὴν ἐντολήν; ΜΑΡ.: Δὲν ἐνθυμοῦμαι. ΚΑΤΗΓΟΡΟΥΜΕΝΟΣ: Ἠσκήθησαν πιέσεις; ΜΑΡ.: Ὄχι. ΣΥΝΗΓ.: Ἐγίνετο διαφώτισις ὑπὲρ τῆς ΕΡΕ; ΜΑΡ.: Ὄχι. ΠΡΟΕΔΡΟΣ: Οἱ στρατιῶται ἦσαν ἐλεύθεροι; ΜΑΡ.: Μάλιστα. ΣΥΝΗΓ.: Πῶς ἐψήφισαν; ΜΑΡ.: Μυστικῶς. ΑΘΗΝΑΙ, 22.— Ἐνώπιον τοῦ μικτοῦ κακουργιοδικείου ἤρχισε χθὲς ἡ ἐκδίκασις τῆς ὑποθέσεως τοῦ ὑπολοχαγοῦ Μιχ. Τσίγγα, ὁ ὁποῖος κατήγγειλε δι' ἐπιστολῆς του ἐκλογικὰς παραβάσεις εἰς τὴν Βέροιαν. ΣΥΝΗΓ.: Τὰ εἴχε εἰς τὴν ἀντίληψίν σας; ΜΑΡ.: Ὄχι. ΣΥΝΗΓ.: Ἐδόθησαν ὁδηγίαι; ΜΑΡ.: Δὲν γνωρίζω. ΠΡΟΕΔΡΟΣ: Τί γνωρίζετε διὰ τὰς ταυτότητας; ΜΑΡ.: Εἶχον διατρηθῆ. ΣΥΝΗΓ.: Ποῖος ἔδωσε τὴν ἐντολήν; ΜΑΡ.: Δὲν ἐνθυμοῦμαι. ΚΑΤΗΓΟΡΟΥΜΕΝΟΣ: Ἠσκήθησαν πιέσεις; ΜΑΡ.: Ὄχι. ΣΥΝΗΓ.: Ἐγίνετο διαφώτισις ὑπὲρ τῆς ΕΡΕ; ΜΑΡ.: Ὄχι. ΠΡΟΕΔΡΟΣ: Οἱ στρατιῶται ἦσαν ἐλεύθεροι; ΜΑΡ.: Μάλιστα. ΣΥΝΗΓ.: Πῶς ἐψήφισαν; ΜΑΡ.: Μυστικῶς.
Ο κ. ΘΕΟΛΟΓΙΤΗΣ
ΑΘΗΝΑΙ, 22.— Ἐνώπιον τοῦ μικτοῦ κακουργιοδικείου ἤρχισε χθὲς ἡ ἐκδίκασις τῆς ὑποθέσεως τοῦ ὑπολοχαγοῦ Μιχ. Τσίγγα, ὁ ὁποῖος κατήγγειλε δι' ἐπιστολῆς του ἐκλογικὰς παραβάσεις εἰς τὴν Βέροιαν. ΣΥΝΗΓ.: Τὰ εἴχε εἰς τὴν ἀντίληψίν σας; ΜΑΡ.: Ὄχι. ΣΥΝΗΓ.: Ἐδόθησαν ὁδηγίαι; ΜΑΡ.: Δὲν γνωρίζω. ΠΡΟΕΔΡΟΣ: Τί γνωρίζετε διὰ τὰς ταυτότητας; ΜΑΡ.: Εἶχον διατρηθῆ. ΣΥΝΗΓ.: Ποῖος ἔδωσε τὴν ἐντολήν; ΜΑΡ.: Δὲν ἐνθυμοῦμαι. ΚΑΤΗΓΟΡΟΥΜΕΝΟΣ: Ἠσκήθησαν πιέσεις; ΜΑΡ.: Ὄχι. ΣΥΝΗΓ.: Ἐγίνετο διαφώτισις ὑπὲρ τῆς ΕΡΕ; ΜΑΡ.: Ὄχι. ΠΡΟΕΔΡΟΣ: Οἱ στρατιῶται ἦσαν ἐλεύθεροι; ΜΑΡ.: Μάλιστα. ΣΥΝΗΓ.: Πῶς ἐψήφισαν; ΜΑΡ.: Μυστικῶς. ΑΘΗΝΑΙ, 22.— Ἐνώπιον τοῦ μικτοῦ κακουργιοδικείου ἤρχισε χθὲς ἡ ἐκδίκασις τῆς ὑποθέσεως τοῦ ὑπολοχαγοῦ Μιχ. Τσίγγα, ὁ ὁποῖος κατήγγειλε δι' ἐπιστολῆς του ἐκλογικὰς παραβάσεις εἰς τὴν Βέροιαν. ΣΥΝΗΓ.: Τὰ εἴχε εἰς τὴν ἀντίληψίν σας; ΜΑΡ.: Ὄχι. ΣΥΝΗΓ.: Ἐδόθησαν ὁδηγίαι; ΜΑΡ.: Δὲν γνωρίζω. ΠΡΟΕΔΡΟΣ: Τί γνωρίζετε διὰ τὰς ταυτότητας; ΜΑΡ.: Εἶχον διατρηθῆ. ΣΥΝΗΓ.: Ποῖος ἔδωσε τὴν ἐντολήν; ΜΑΡ.: Δὲν ἐνθυμοῦμαι. ΚΑΤΗΓΟΡΟΥΜΕΝΟΣ: Ἠσκήθησαν πιέσεις; ΜΑΡ.: Ὄχι. ΣΥΝΗΓ.: Ἐγίνετο διαφώτισις ὑπὲρ τῆς ΕΡΕ; ΜΑΡ.: Ὄχι. ΠΡΟΕΔΡΟΣ: Οἱ στρατιῶται ἦσαν ἐλεύθεροι; ΜΑΡ.: Μάλιστα. ΣΥΝΗΓ.: Πῶς ἐψήφισαν; ΜΑΡ.: Μυστικῶς.
Ο κ. ΧΑΤΖΗΚΟΚΚΙΝΗΣ
ΑΘΗΝΑΙ, 22.— Ἐνώπιον τοῦ μικτοῦ κακουργιοδικείου ἤρχισε χθὲς ἡ ἐκδίκασις τῆς ὑποθέσεως τοῦ ὑπολοχαγοῦ Μιχ. Τσίγγα, ὁ ὁποῖος κατήγγειλε δι' ἐπιστολῆς του ἐκλογικὰς παραβάσεις εἰς τὴν Βέροιαν. ΣΥΝΗΓ.: Τὰ εἴχε εἰς τὴν ἀντίληψίν σας; ΜΑΡ.: Ὄχι. ΣΥΝΗΓ.: Ἐδόθησαν ὁδηγίαι; ΜΑΡ.: Δὲν γνωρίζω. ΠΡΟΕΔΡΟΣ: Τί γνωρίζετε διὰ τὰς ταυτότητας; ΜΑΡ.: Εἶχον διατρηθῆ. ΣΥΝΗΓ.: Ποῖος ἔδωσε τὴν ἐντολήν; ΜΑΡ.: Δὲν ἐνθυμοῦμαι. ΚΑΤΗΓΟΡΟΥΜΕΝΟΣ: Ἠσκήθησαν πιέσεις; ΜΑΡ.: Ὄχι. ΣΥΝΗΓ.: Ἐγίνετο διαφώτισις ὑπὲρ τῆς ΕΡΕ; ΜΑΡ.: Ὄχι. ΠΡΟΕΔΡΟΣ: Οἱ στρατιῶται ἦσαν ἐλεύθεροι; ΜΑΡ.: Μάλιστα. ΣΥΝΗΓ.: Πῶς ἐψήφισαν; ΜΑΡ.: Μυστικῶς. ΑΘΗΝΑΙ, 22.— Ἐνώπιον τοῦ μικτοῦ κακουργιοδικείου ἤρχισε χθὲς ἡ ἐκδίκασις τῆς ὑποθέσεως τοῦ ὑπολοχαγοῦ Μιχ. Τσίγγα, ὁ ὁποῖος κατήγγειλε δι' ἐπιστολῆς του ἐκλογικὰς παραβάσεις εἰς τὴν Βέροιαν. ΣΥΝΗΓ.: Τὰ εἴχε εἰς τὴν ἀντίληψίν σας; ΜΑΡ.: Ὄχι. ΣΥΝΗΓ.: Ἐδόθησαν ὁδηγίαι; ΜΑΡ.: Δὲν γνωρίζω. ΠΡΟΕΔΡΟΣ: Τί γνωρίζετε διὰ τὰς ταυτότητας; ΜΑΡ.: Εἶχον διατρηθῆ. ΣΥΝΗΓ.: Ποῖος ἔδωσε τὴν ἐντολήν; ΜΑΡ.: Δὲν ἐνθυμοῦμαι. ΚΑΤΗΓΟΡΟΥΜΕΝΟΣ: Ἠσκήθησαν πιέσεις; ΜΑΡ.: Ὄχι. ΣΥΝΗΓ.: Ἐγίνετο διαφώτισις ὑπὲρ τῆς ΕΡΕ; ΜΑΡ.: Ὄχι. ΠΡΟΕΔΡΟΣ: Οἱ στρατιῶται ἦσαν ἐλεύθεροι; ΜΑΡ.: Μάλιστα. ΣΥΝΗΓ.: Πῶς ἐψήφισαν; ΜΑΡ.: Μυστικῶς.
ΣΥΝΕΧΕΙΑ Εἰς τὴν 7ην σελίδα
